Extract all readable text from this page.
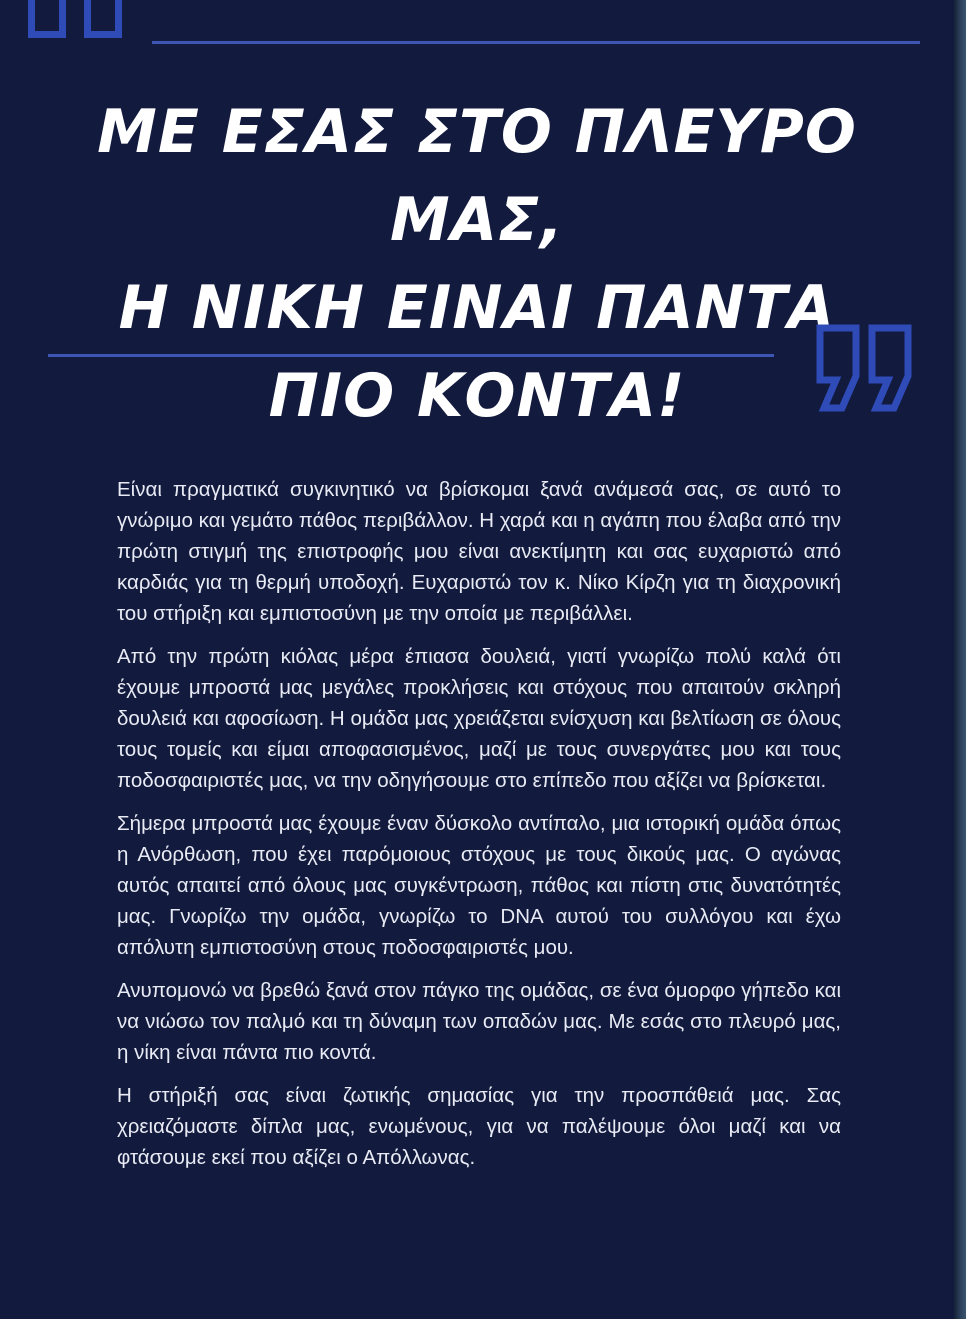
ΜΕ ΕΣΑΣ ΣΤΟ ΠΛΕΥΡΟ ΜΑΣ,
Η ΝΙΚΗ ΕΙΝΑΙ ΠΑΝΤΑ
ΠΙΟ ΚΟΝΤΑ!

Είναι πραγματικά συγκινητικό να βρίσκομαι ξανά ανάμεσά σας, σε αυτό το γνώριμο και γεμάτο πάθος περιβάλλον. Η χαρά και η αγάπη που έλαβα από την πρώτη στιγμή της επιστροφής μου είναι ανεκτίμητη και σας ευχαριστώ από καρδιάς για τη θερμή υποδοχή. Ευχαριστώ τον κ. Νίκο Κίρζη για τη διαχρονική του στήριξη και εμπιστοσύνη με την οποία με περιβάλλει.

Από την πρώτη κιόλας μέρα έπιασα δουλειά, γιατί γνωρίζω πολύ καλά ότι έχουμε μπροστά μας μεγάλες προκλήσεις και στόχους που απαιτούν σκληρή δουλειά και αφοσίωση. Η ομάδα μας χρειάζεται ενίσχυση και βελτίωση σε όλους τους τομείς και είμαι αποφασισμένος, μαζί με τους συνεργάτες μου και τους ποδοσφαιριστές μας, να την οδηγήσουμε στο επίπεδο που αξίζει να βρίσκεται.

Σήμερα μπροστά μας έχουμε έναν δύσκολο αντίπαλο, μια ιστορική ομάδα όπως η Ανόρθωση, που έχει παρόμοιους στόχους με τους δικούς μας. Ο αγώνας αυτός απαιτεί από όλους μας συγκέντρωση, πάθος και πίστη στις δυνατότητές μας. Γνωρίζω την ομάδα, γνωρίζω το DNA αυτού του συλλόγου και έχω απόλυτη εμπιστοσύνη στους ποδοσφαιριστές μου.

Ανυπομονώ να βρεθώ ξανά στον πάγκο της ομάδας, σε ένα όμορφο γήπεδο και να νιώσω τον παλμό και τη δύναμη των οπαδών μας. Με εσάς στο πλευρό μας, η νίκη είναι πάντα πιο κοντά.

Η στήριξή σας είναι ζωτικής σημασίας για την προσπάθειά μας. Σας χρειαζόμαστε δίπλα μας, ενωμένους, για να παλέψουμε όλοι μαζί και να φτάσουμε εκεί που αξίζει ο Απόλλωνας.
